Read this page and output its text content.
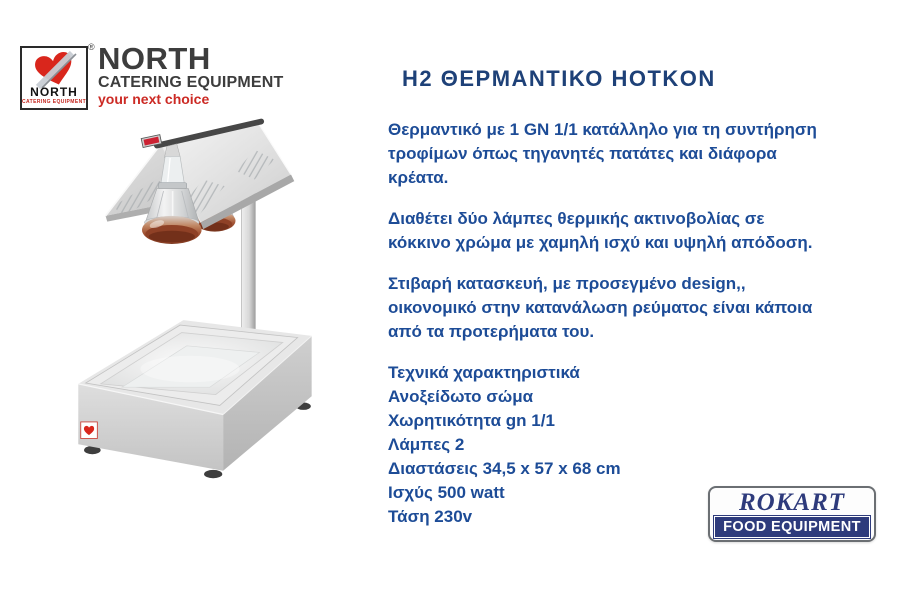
NORTH
CATERING EQUIPMENT
® NORTH
CATERING EQUIPMENT
your next choice
H2 ΘΕΡΜΑΝΤΙΚΟ HOTKON

Θερμαντικό με 1 GN 1/1 κατάλληλο για τη συντήρηση τροφίμων όπως τηγανητές πατάτες και διάφορα κρέατα.

Διαθέτει δύο λάμπες θερμικής ακτινοβολίας σε κόκκινο χρώμα με χαμηλή ισχύ και υψηλή απόδοση.

Στιβαρή κατασκευή, με προσεγμένο design,, οικονομικό στην κατανάλωση ρεύματος είναι κάποια από τα προτερήματα του.

Τεχνικά χαρακτηριστικά
Ανοξείδωτο σώμα
Χωρητικότητα gn 1/1
Λάμπες 2
Διαστάσεις 34,5 x 57 x 68 cm
Ισχύς 500 watt
Τάση 230v
ROKART
FOOD EQUIPMENT
